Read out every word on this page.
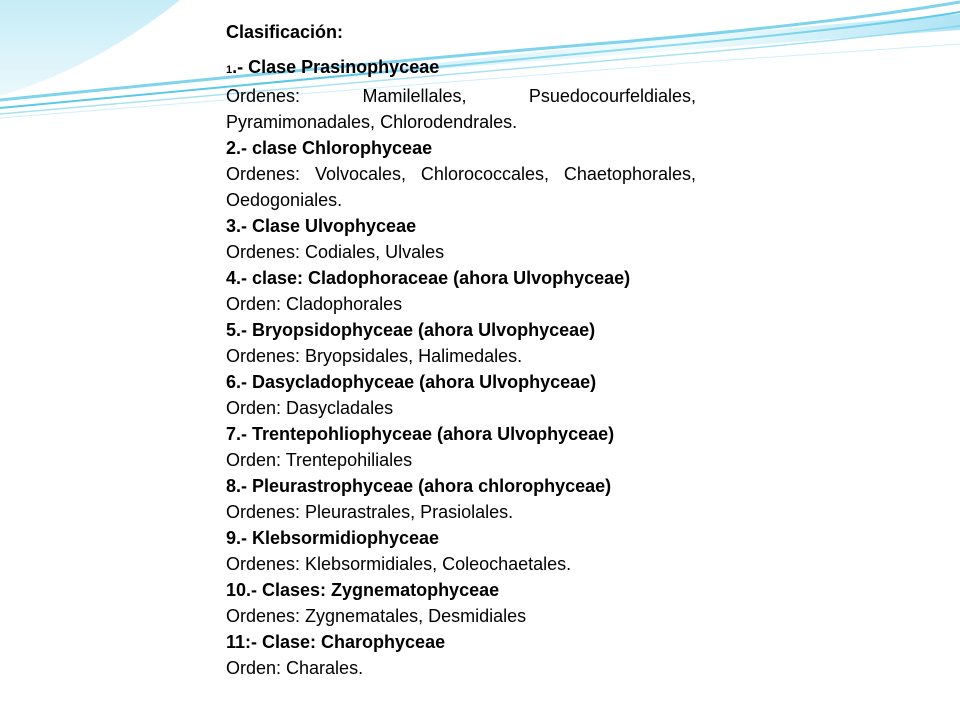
Clasificación:

1.- Clase Prasinophyceae

Ordenes: Mamilellales, Psuedocourfeldiales, Pyramimonadales, Chlorodendrales.

2.- clase Chlorophyceae

Ordenes: Volvocales, Chlorococcales, Chaetophorales, Oedogoniales.

3.- Clase Ulvophyceae

Ordenes: Codiales, Ulvales

4.- clase: Cladophoraceae (ahora Ulvophyceae)

Orden: Cladophorales

5.- Bryopsidophyceae (ahora Ulvophyceae)

Ordenes: Bryopsidales, Halimedales.

6.- Dasycladophyceae (ahora Ulvophyceae)

Orden: Dasycladales

7.- Trentepohliophyceae (ahora Ulvophyceae)

Orden: Trentepohiliales

8.- Pleurastrophyceae (ahora chlorophyceae)

Ordenes: Pleurastrales, Prasiolales.

9.- Klebsormidiophyceae

Ordenes: Klebsormidiales, Coleochaetales.

10.- Clases: Zygnematophyceae

Ordenes: Zygnematales, Desmidiales

11:- Clase: Charophyceae

Orden: Charales.
